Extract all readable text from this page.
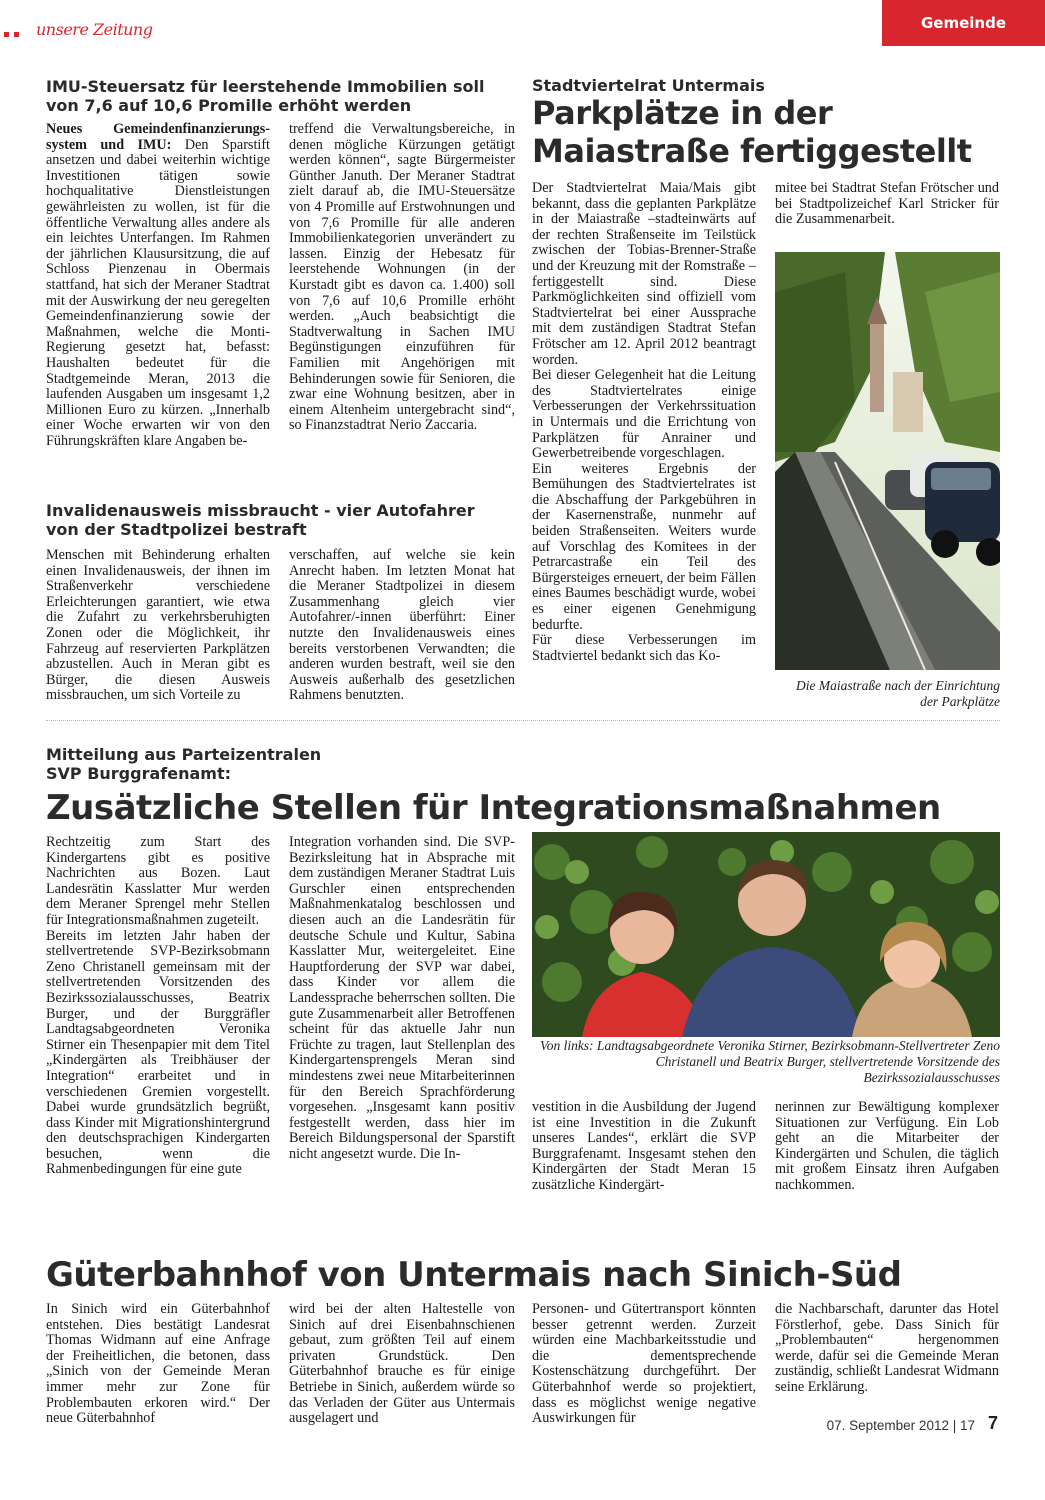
unsere Zeitung	Gemeinde
IMU-Steuersatz für leerstehende Immobilien soll von 7,6 auf 10,6 Promille erhöht werden
Neues Gemeindenfinanzierungs-system und IMU: Den Sparstift ansetzen und dabei weiterhin wichtige Investitionen tätigen sowie hochqualitative Dienstleistungen gewährleisten zu wollen, ist für die öffentliche Verwaltung alles andere als ein leichtes Unterfangen. Im Rahmen der jährlichen Klausursitzung, die auf Schloss Pienzenau in Obermais stattfand, hat sich der Meraner Stadtrat mit der Auswirkung der neu geregelten Gemeindenfinanzierung sowie der Maßnahmen, welche die Monti-Regierung gesetzt hat, befasst: Haushalten bedeutet für die Stadtgemeinde Meran, 2013 die laufenden Ausgaben um insgesamt 1,2 Millionen Euro zu kürzen. „Innerhalb einer Woche erwarten wir von den Führungskräften klare Angaben be-
treffend die Verwaltungsbereiche, in denen mögliche Kürzungen getätigt werden können“, sagte Bürgermeister Günther Januth. Der Meraner Stadtrat zielt darauf ab, die IMU-Steuersätze von 4 Promille auf Erstwohnungen und von 7,6 Promille für alle anderen Immobilienkategorien unverändert zu lassen. Einzig der Hebesatz für leerstehende Wohnungen (in der Kurstadt gibt es davon ca. 1.400) soll von 7,6 auf 10,6 Promille erhöht werden. „Auch beabsichtigt die Stadtverwaltung in Sachen IMU Begünstigungen einzuführen für Familien mit Angehörigen mit Behinderungen sowie für Senioren, die zwar eine Wohnung besitzen, aber in einem Altenheim untergebracht sind“, so Finanzstadtrat Nerio Zaccaria.
Invalidenausweis missbraucht - vier Autofahrer von der Stadtpolizei bestraft
Menschen mit Behinderung erhalten einen Invalidenausweis, der ihnen im Straßenverkehr verschiedene Erleichterungen garantiert, wie etwa die Zufahrt zu verkehrsberuhigten Zonen oder die Möglichkeit, ihr Fahrzeug auf reservierten Parkplätzen abzustellen. Auch in Meran gibt es Bürger, die diesen Ausweis missbrauchen, um sich Vorteile zu
verschaffen, auf welche sie kein Anrecht haben. Im letzten Monat hat die Meraner Stadtpolizei in diesem Zusammenhang gleich vier Autofahrer/-innen überführt: Einer nutzte den Invalidenausweis eines bereits verstorbenen Verwandten; die anderen wurden bestraft, weil sie den Ausweis außerhalb des gesetzlichen Rahmens benutzten.
Stadtviertelrat Untermais
Parkplätze in der Maiastraße fertiggestellt

Der Stadtviertelrat Maia/Mais gibt bekannt, dass die geplanten Parkplätze in der Maiastraße –stadteinwärts auf der rechten Straßenseite im Teilstück zwischen der Tobias-Brenner-Straße und der Kreuzung mit der Romstraße – fertiggestellt sind. Diese Parkmöglichkeiten sind offiziell vom Stadtviertelrat bei einer Aussprache mit dem zuständigen Stadtrat Stefan Frötscher am 12. April 2012 beantragt worden.

Bei dieser Gelegenheit hat die Leitung des Stadtviertelrates einige Verbesserungen der Verkehrssituation in Untermais und die Errichtung von Parkplätzen für Anrainer und Gewerbetreibende vorgeschlagen.

Ein weiteres Ergebnis der Bemühungen des Stadtviertelrates ist die Abschaffung der Parkgebühren in der Kasernenstraße, nunmehr auf beiden Straßenseiten. Weiters wurde auf Vorschlag des Komitees in der Petrarcastraße ein Teil des Bürgersteiges erneuert, der beim Fällen eines Baumes beschädigt wurde, wobei es einer eigenen Genehmigung bedurfte.

Für diese Verbesserungen im Stadtviertel bedankt sich das Ko-

mitee bei Stadtrat Stefan Frötscher und bei Stadtpolizeichef Karl Stricker für die Zusammenarbeit.
Die Maiastraße nach der Einrichtung der Parkplätze
Mitteilung aus Parteizentralen
SVP Burggrafenamt:
Zusätzliche Stellen für Integrationsmaßnahmen

Rechtzeitig zum Start des Kindergartens gibt es positive Nachrichten aus Bozen. Laut Landesrätin Kasslatter Mur werden dem Meraner Sprengel mehr Stellen für Integrationsmaßnahmen zugeteilt.

Bereits im letzten Jahr haben der stellvertretende SVP-Bezirksobmann Zeno Christanell gemeinsam mit der stellvertretenden Vorsitzenden des Bezirkssozialausschusses, Beatrix Burger, und der Burggräfler Landtagsabgeordneten Veronika Stirner ein Thesenpapier mit dem Titel „Kindergärten als Treibhäuser der Integration“ erarbeitet und in verschiedenen Gremien vorgestellt. Dabei wurde grundsätzlich begrüßt, dass Kinder mit Migrationshintergrund den deutschsprachigen Kindergarten besuchen, wenn die Rahmenbedingungen für eine gute

Integration vorhanden sind. Die SVP-Bezirksleitung hat in Absprache mit dem zuständigen Meraner Stadtrat Luis Gurschler einen entsprechenden Maßnahmenkatalog beschlossen und diesen auch an die Landesrätin für deutsche Schule und Kultur, Sabina Kasslatter Mur, weitergeleitet. Eine Hauptforderung der SVP war dabei, dass Kinder vor allem die Landessprache beherrschen sollten. Die gute Zusammenarbeit aller Betroffenen scheint für das aktuelle Jahr nun Früchte zu tragen, laut Stellenplan des Kindergartensprengels Meran sind mindestens zwei neue Mitarbeiterinnen für den Bereich Sprachförderung vorgesehen. „Insgesamt kann positiv festgestellt werden, dass hier im Bereich Bildungspersonal der Sparstift nicht angesetzt wurde. Die In-
Von links: Landtagsabgeordnete Veronika Stirner, Bezirksobmann-Stellvertreter Zeno Christanell und Beatrix Burger, stellvertretende Vorsitzende des Bezirkssozialausschusses
vestition in die Ausbildung der Jugend ist eine Investition in die Zukunft unseres Landes“, erklärt die SVP Burggrafenamt. Insgesamt stehen den Kindergärten der Stadt Meran 15 zusätzliche Kindergärt-
nerinnen zur Bewältigung komplexer Situationen zur Verfügung. Ein Lob geht an die Mitarbeiter der Kindergärten und Schulen, die täglich mit großem Einsatz ihren Aufgaben nachkommen.
Güterbahnhof von Untermais nach Sinich-Süd
In Sinich wird ein Güterbahnhof entstehen. Dies bestätigt Landesrat Thomas Widmann auf eine Anfrage der Freiheitlichen, die betonen, dass „Sinich von der Gemeinde Meran immer mehr zur Zone für Problembauten erkoren wird.“ Der neue Güterbahnhof
wird bei der alten Haltestelle von Sinich auf drei Eisenbahnschienen gebaut, zum größten Teil auf einem privaten Grundstück. Den Güterbahnhof brauche es für einige Betriebe in Sinich, außerdem würde so das Verladen der Güter aus Untermais ausgelagert und
Personen- und Gütertransport könnten besser getrennt werden. Zurzeit würden eine Machbarkeitsstudie und die dementsprechende Kostenschätzung durchgeführt. Der Güterbahnhof werde so projektiert, dass es möglichst wenige negative Auswirkungen für
die Nachbarschaft, darunter das Hotel Förstlerhof, gebe. Dass Sinich für „Problembauten“ hergenommen werde, dafür sei die Gemeinde Meran zuständig, schließt Landesrat Widmann seine Erklärung.
07. September 2012 | 17 7
